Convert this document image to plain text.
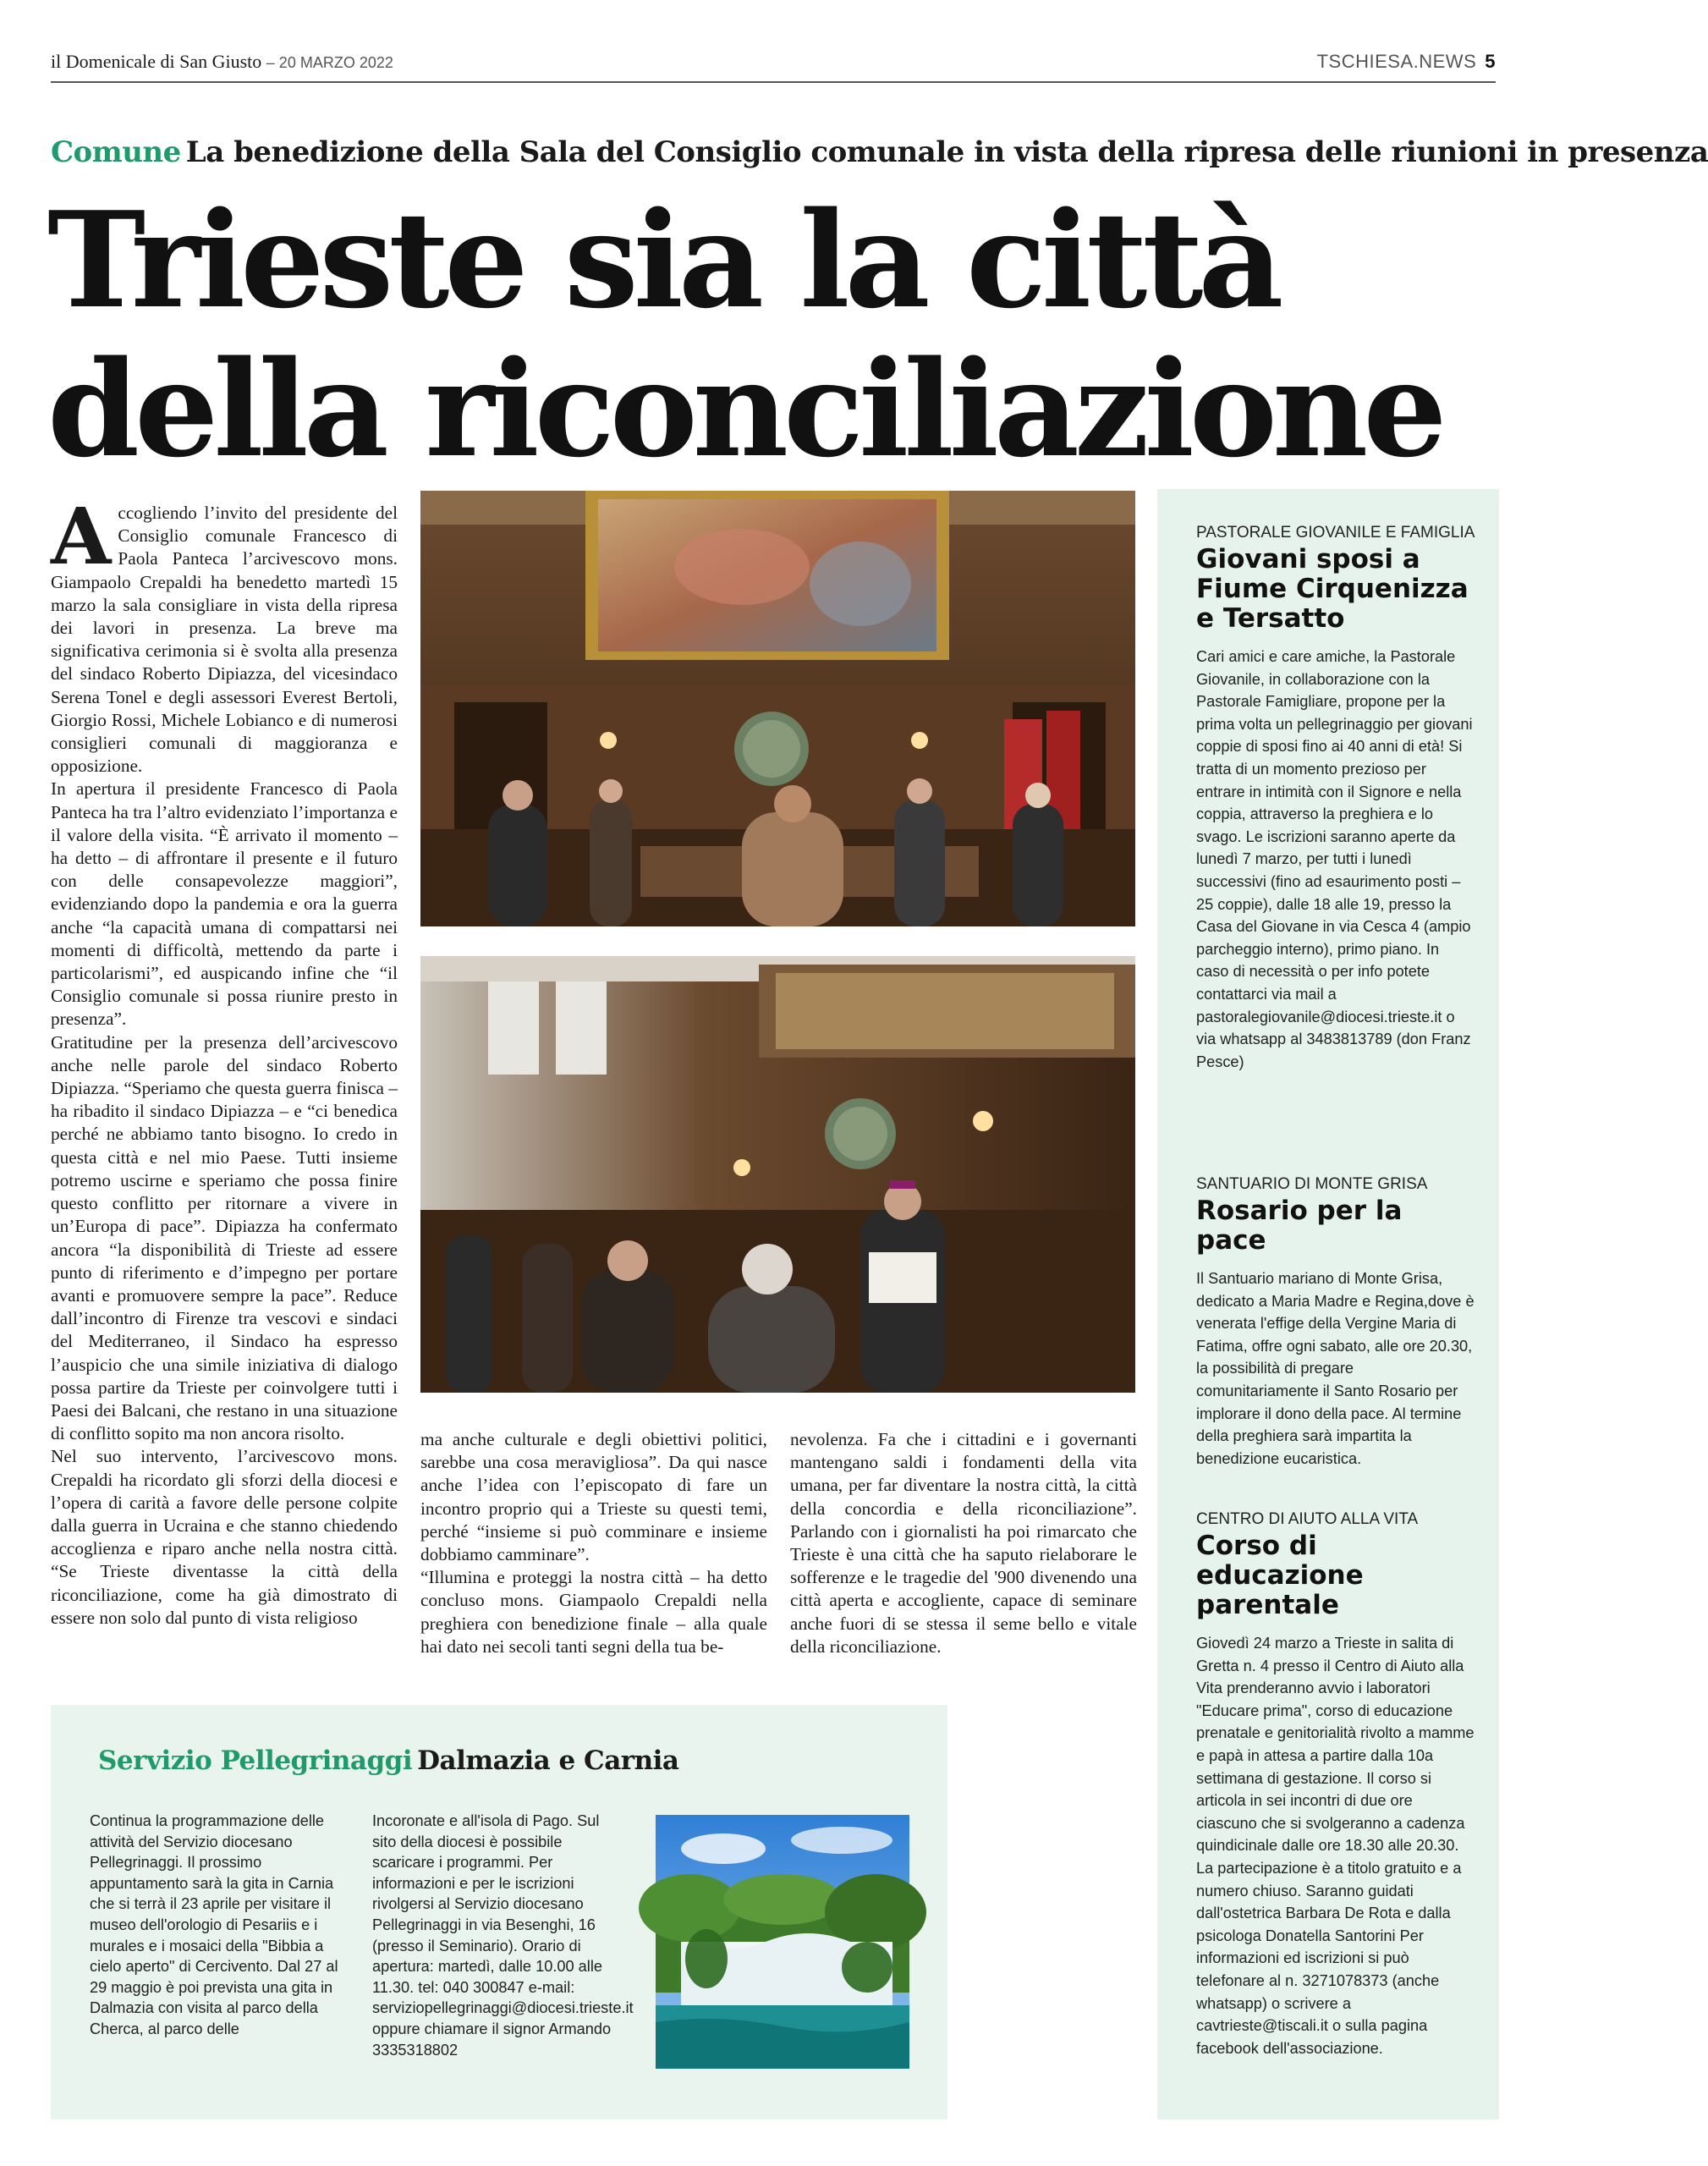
il Domenicale di San Giusto – 20 MARZO 2022	TSCHIESA.NEWS 5
Comune La benedizione della Sala del Consiglio comunale in vista della ripresa delle riunioni in presenza
Trieste sia la città
della riconciliazione

Accogliendo l’invito del presidente del Consiglio comunale Francesco di Paola Panteca l’arcivescovo mons. Giampaolo Crepaldi ha benedetto martedì 15 marzo la sala consigliare in vista della ripresa dei lavori in presenza. La breve ma significativa cerimonia si è svolta alla presenza del sindaco Roberto Dipiazza, del vicesindaco Serena Tonel e degli assessori Everest Bertoli, Giorgio Rossi, Michele Lobianco e di numerosi consiglieri comunali di maggioranza e opposizione.

In apertura il presidente Francesco di Paola Panteca ha tra l’altro evidenziato l’importanza e il valore della visita. “È arrivato il momento – ha detto – di affrontare il presente e il futuro con delle consapevolezze maggiori”, evidenziando dopo la pandemia e ora la guerra anche “la capacità umana di compattarsi nei momenti di difficoltà, mettendo da parte i particolarismi”, ed auspicando infine che “il Consiglio comunale si possa riunire presto in presenza”.

Gratitudine per la presenza dell’arcivescovo anche nelle parole del sindaco Roberto Dipiazza. “Speriamo che questa guerra finisca – ha ribadito il sindaco Dipiazza – e “ci benedica perché ne abbiamo tanto bisogno. Io credo in questa città e nel mio Paese. Tutti insieme potremo uscirne e speriamo che possa finire questo conflitto per ritornare a vivere in un’Europa di pace”. Dipiazza ha confermato ancora “la disponibilità di Trieste ad essere punto di riferimento e d’impegno per portare avanti e promuovere sempre la pace”. Reduce dall’incontro di Firenze tra vescovi e sindaci del Mediterraneo, il Sindaco ha espresso l’auspicio che una simile iniziativa di dialogo possa partire da Trieste per coinvolgere tutti i Paesi dei Balcani, che restano in una situazione di conflitto sopito ma non ancora risolto.

Nel suo intervento, l’arcivescovo mons. Crepaldi ha ricordato gli sforzi della diocesi e l’opera di carità a favore delle persone colpite dalla guerra in Ucraina e che stanno chiedendo accoglienza e riparo anche nella nostra città. “Se Trieste diventasse la città della riconciliazione, come ha già dimostrato di essere non solo dal punto di vista religioso

ma anche culturale e degli obiettivi politici, sarebbe una cosa meravigliosa”. Da qui nasce anche l’idea con l’episcopato di fare un incontro proprio qui a Trieste su questi temi, perché “insieme si può comminare e insieme dobbiamo camminare”.

“Illumina e proteggi la nostra città – ha detto concluso mons. Giampaolo Crepaldi nella preghiera con benedizione finale – alla quale hai dato nei secoli tanti segni della tua be-

nevolenza. Fa che i cittadini e i governanti mantengano saldi i fondamenti della vita umana, per far diventare la nostra città, la città della concordia e della riconciliazione”. Parlando con i giornalisti ha poi rimarcato che Trieste è una città che ha saputo rielaborare le sofferenze e le tragedie del '900 divenendo una città aperta e accogliente, capace di seminare anche fuori di se stessa il seme bello e vitale della riconciliazione.

PASTORALE GIOVANILE E FAMIGLIA
Giovani sposi a Fiume Cirquenizza e Tersatto
Cari amici e care amiche, la Pastorale Giovanile, in collaborazione con la Pastorale Famigliare, propone per la prima volta un pellegrinaggio per giovani coppie di sposi fino ai 40 anni di età! Si tratta di un momento prezioso per entrare in intimità con il Signore e nella coppia, attraverso la preghiera e lo svago. Le iscrizioni saranno aperte da lunedì 7 marzo, per tutti i lunedì successivi (fino ad esaurimento posti – 25 coppie), dalle 18 alle 19, presso la Casa del Giovane in via Cesca 4 (ampio parcheggio interno), primo piano. In caso di necessità o per info potete contattarci via mail a pastoralegiovanile@diocesi.trieste.it o via whatsapp al 3483813789 (don Franz Pesce)
SANTUARIO DI MONTE GRISA
Rosario per la pace
Il Santuario mariano di Monte Grisa, dedicato a Maria Madre e Regina,dove è venerata l'effige della Vergine Maria di Fatima, offre ogni sabato, alle ore 20.30, la possibilità di pregare comunitariamente il Santo Rosario per implorare il dono della pace. Al termine della preghiera sarà impartita la benedizione eucaristica.
CENTRO DI AIUTO ALLA VITA
Corso di educazione parentale
Giovedì 24 marzo a Trieste in salita di Gretta n. 4 presso il Centro di Aiuto alla Vita prenderanno avvio i laboratori "Educare prima", corso di educazione prenatale e genitorialità rivolto a mamme e papà in attesa a partire dalla 10a settimana di gestazione. Il corso si articola in sei incontri di due ore ciascuno che si svolgeranno a cadenza quindicinale dalle ore 18.30 alle 20.30. La partecipazione è a titolo gratuito e a numero chiuso. Saranno guidati dall'ostetrica Barbara De Rota e dalla psicologa Donatella Santorini Per informazioni ed iscrizioni si può telefonare al n. 3271078373 (anche whatsapp) o scrivere a cavtrieste@tiscali.it o sulla pagina facebook dell'associazione.
Servizio Pellegrinaggi Dalmazia e Carnia
Continua la programmazione delle attività del Servizio diocesano Pellegrinaggi. Il prossimo appuntamento sarà la gita in Carnia che si terrà il 23 aprile per visitare il museo dell'orologio di Pesariis e i murales e i mosaici della "Bibbia a cielo aperto" di Cercivento. Dal 27 al 29 maggio è poi prevista una gita in Dalmazia con visita al parco della Cherca, al parco delle
Incoronate e all'isola di Pago. Sul sito della diocesi è possibile scaricare i programmi. Per informazioni e per le iscrizioni rivolgersi al Servizio diocesano Pellegrinaggi in via Besenghi, 16 (presso il Seminario). Orario di apertura: martedì, dalle 10.00 alle 11.30. tel: 040 300847 e-mail: serviziopellegrinaggi@diocesi.trieste.it oppure chiamare il signor Armando 3335318802
